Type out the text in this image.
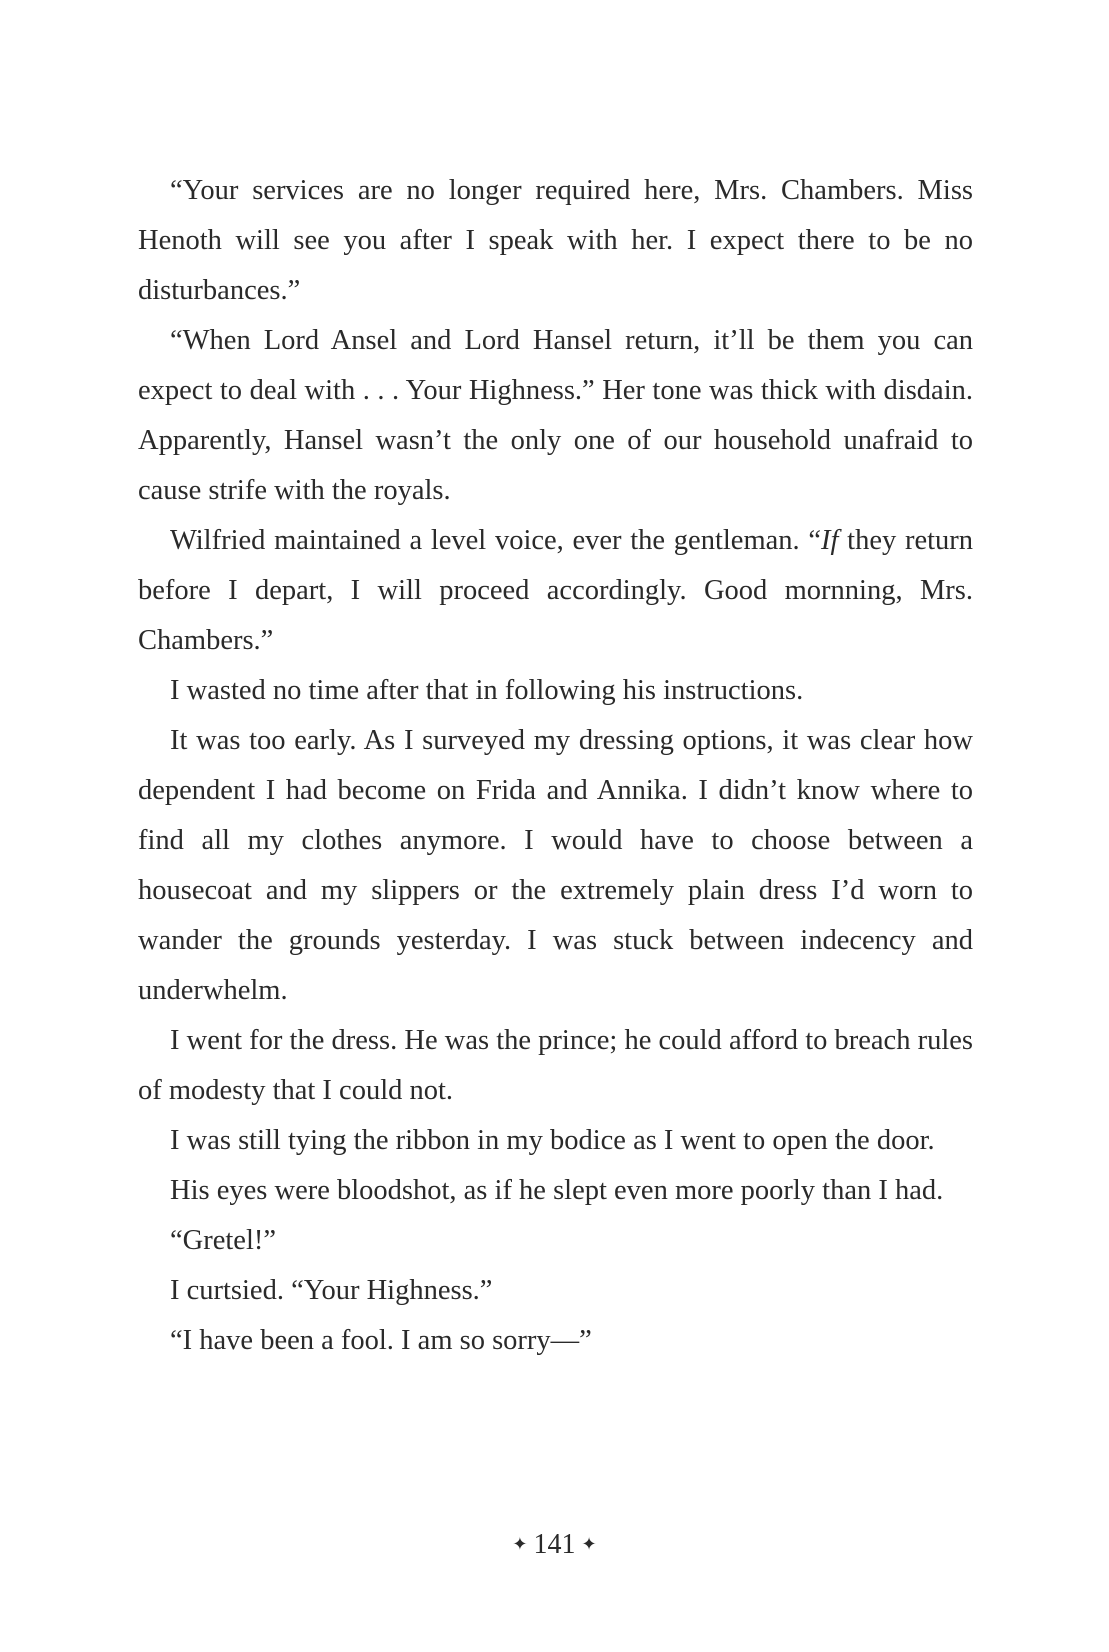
“Your services are no longer required here, Mrs. Chambers. Miss Henoth will see you after I speak with her. I expect there to be no disturbances.”

“When Lord Ansel and Lord Hansel return, it’ll be them you can expect to deal with . . . Your Highness.” Her tone was thick with disdain. Apparently, Hansel wasn’t the only one of our household unafraid to cause strife with the royals.

Wilfried maintained a level voice, ever the gentleman. “If they return before I depart, I will proceed accordingly. Good mornning, Mrs. Chambers.”

I wasted no time after that in following his instructions.

It was too early. As I surveyed my dressing options, it was clear how dependent I had become on Frida and Annika. I didn’t know where to find all my clothes anymore. I would have to choose between a housecoat and my slippers or the extremely plain dress I’d worn to wander the grounds yesterday. I was stuck between indecency and underwhelm.

I went for the dress. He was the prince; he could afford to breach rules of modesty that I could not.

I was still tying the ribbon in my bodice as I went to open the door.

His eyes were bloodshot, as if he slept even more poorly than I had.

“Gretel!”

I curtsied. “Your Highness.”

“I have been a fool. I am so sorry—”

✦ 141 ✦
